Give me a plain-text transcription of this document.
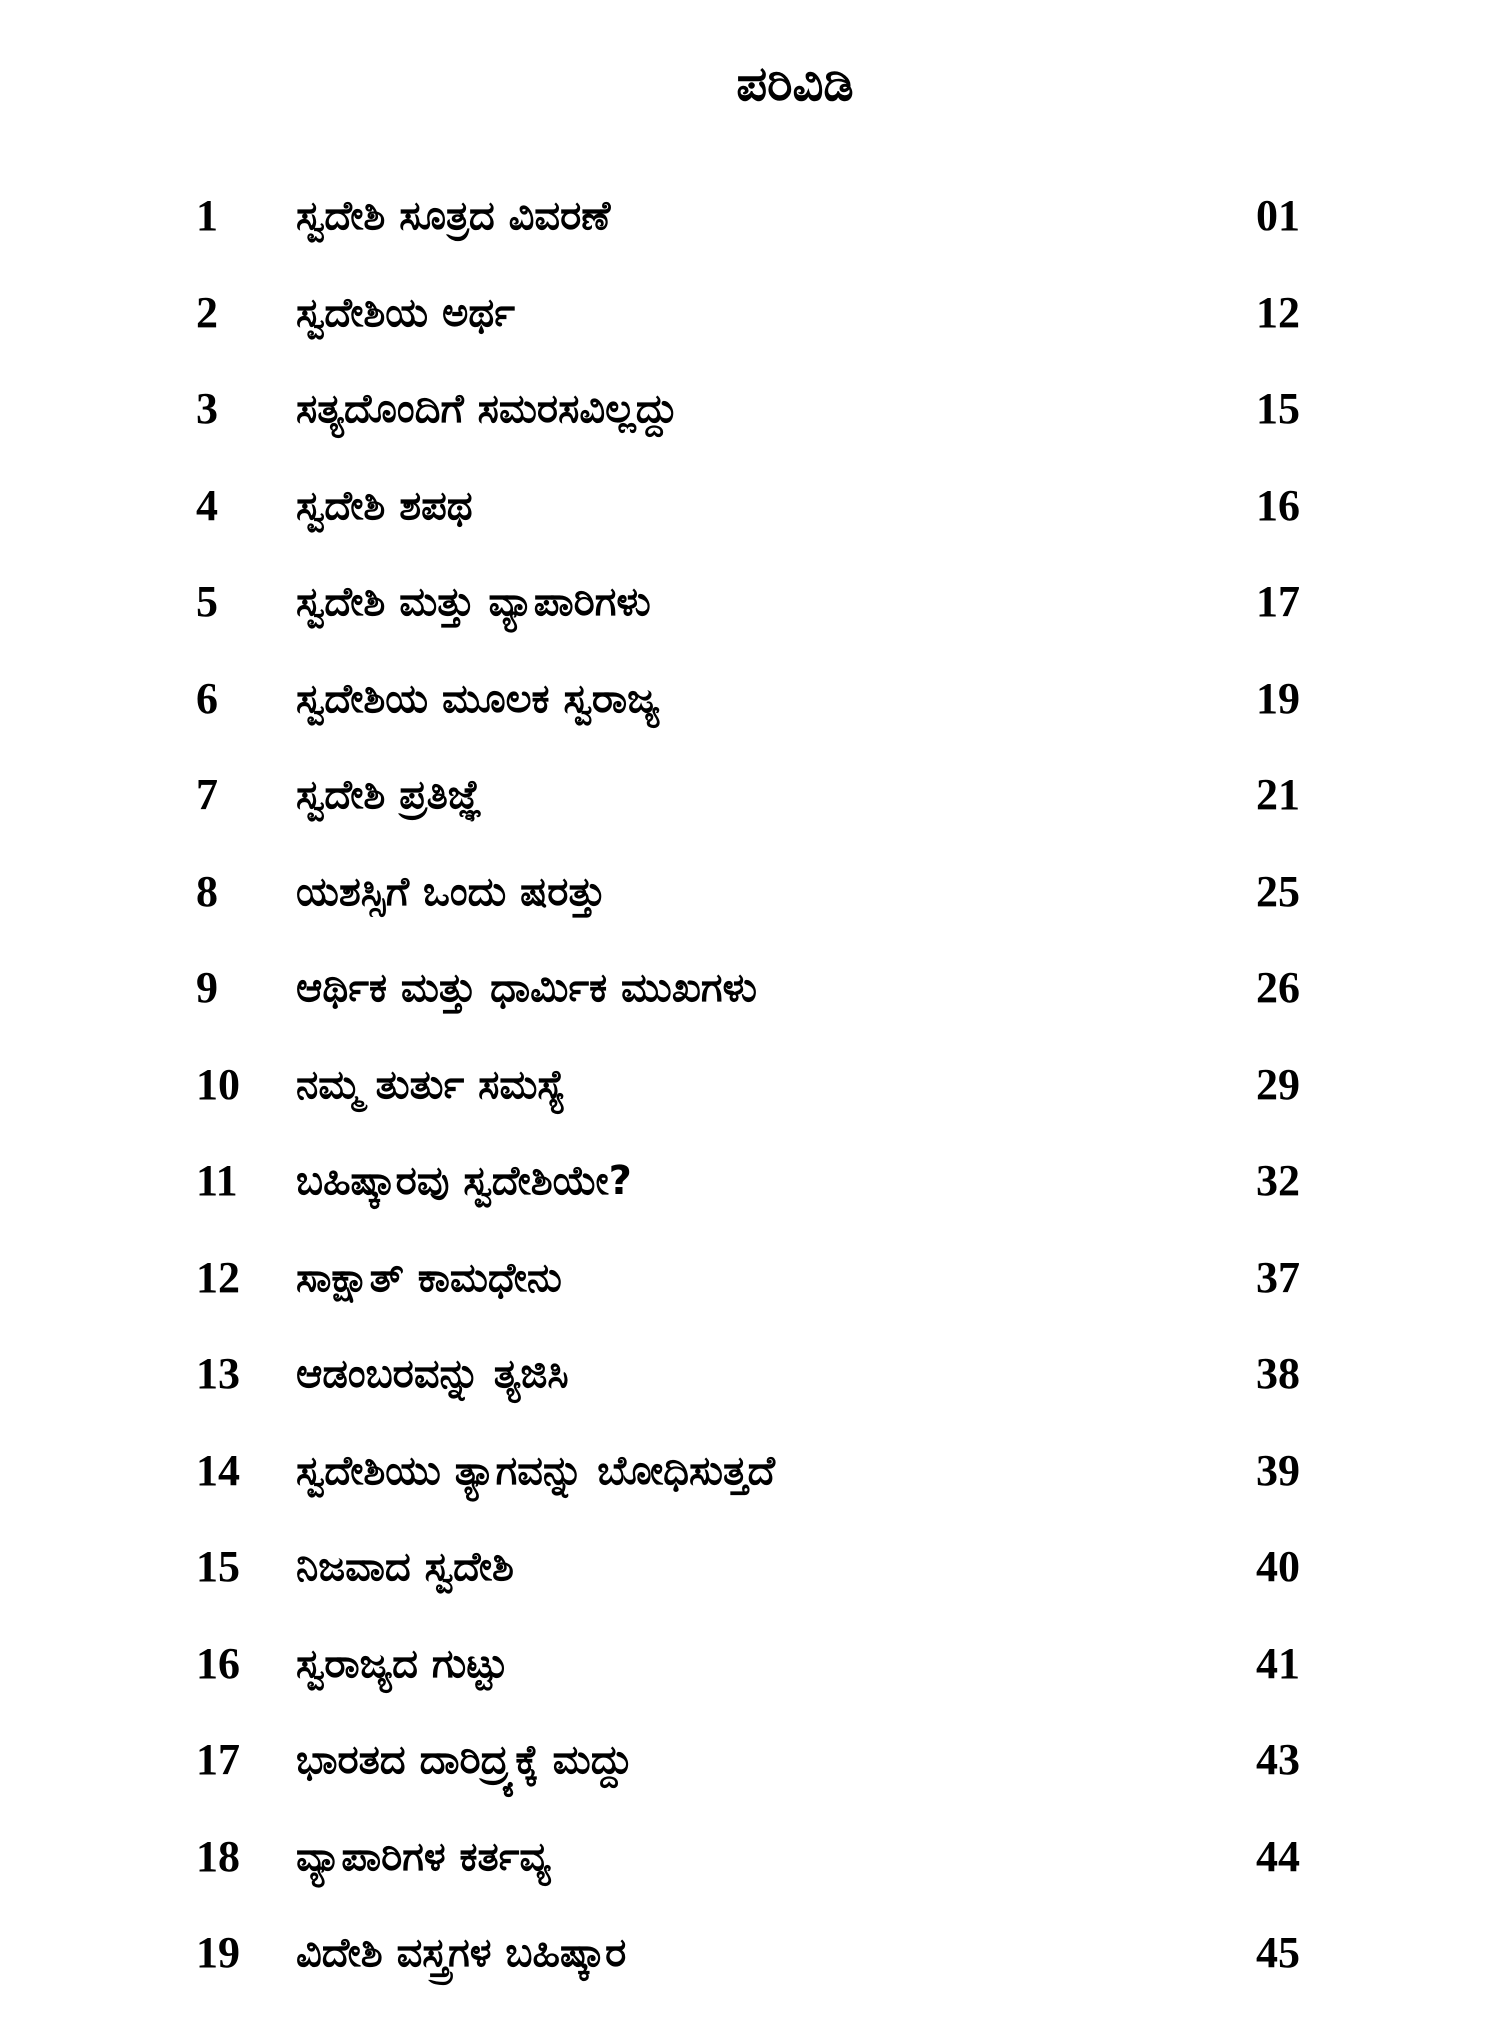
ಪರಿವಿಡಿ
1	ಸ್ವದೇಶಿ ಸೂತ್ರದ ವಿವರಣೆ	01
2	ಸ್ವದೇಶಿಯ ಅರ್ಥ	12
3	ಸತ್ಯದೊಂದಿಗೆ ಸಮರಸವಿಲ್ಲದ್ದು	15
4	ಸ್ವದೇಶಿ ಶಪಥ	16
5	ಸ್ವದೇಶಿ ಮತ್ತು ವ್ಯಾಪಾರಿಗಳು	17
6	ಸ್ವದೇಶಿಯ ಮೂಲಕ ಸ್ವರಾಜ್ಯ	19
7	ಸ್ವದೇಶಿ ಪ್ರತಿಜ್ಞೆ	21
8	ಯಶಸ್ಸಿಗೆ ಒಂದು ಷರತ್ತು	25
9	ಆರ್ಥಿಕ ಮತ್ತು ಧಾರ್ಮಿಕ ಮುಖಗಳು	26
10	ನಮ್ಮ ತುರ್ತು ಸಮಸ್ಯೆ	29
11	ಬಹಿಷ್ಕಾರವು ಸ್ವದೇಶಿಯೇ?	32
12	ಸಾಕ್ಷಾತ್ ಕಾಮಧೇನು	37
13	ಆಡಂಬರವನ್ನು ತ್ಯಜಿಸಿ	38
14	ಸ್ವದೇಶಿಯು ತ್ಯಾಗವನ್ನು ಬೋಧಿಸುತ್ತದೆ	39
15	ನಿಜವಾದ ಸ್ವದೇಶಿ	40
16	ಸ್ವರಾಜ್ಯದ ಗುಟ್ಟು	41
17	ಭಾರತದ ದಾರಿದ್ರ್ಯಕ್ಕೆ ಮದ್ದು	43
18	ವ್ಯಾಪಾರಿಗಳ ಕರ್ತವ್ಯ	44
19	ವಿದೇಶಿ ವಸ್ತ್ರಗಳ ಬಹಿಷ್ಕಾರ	45
